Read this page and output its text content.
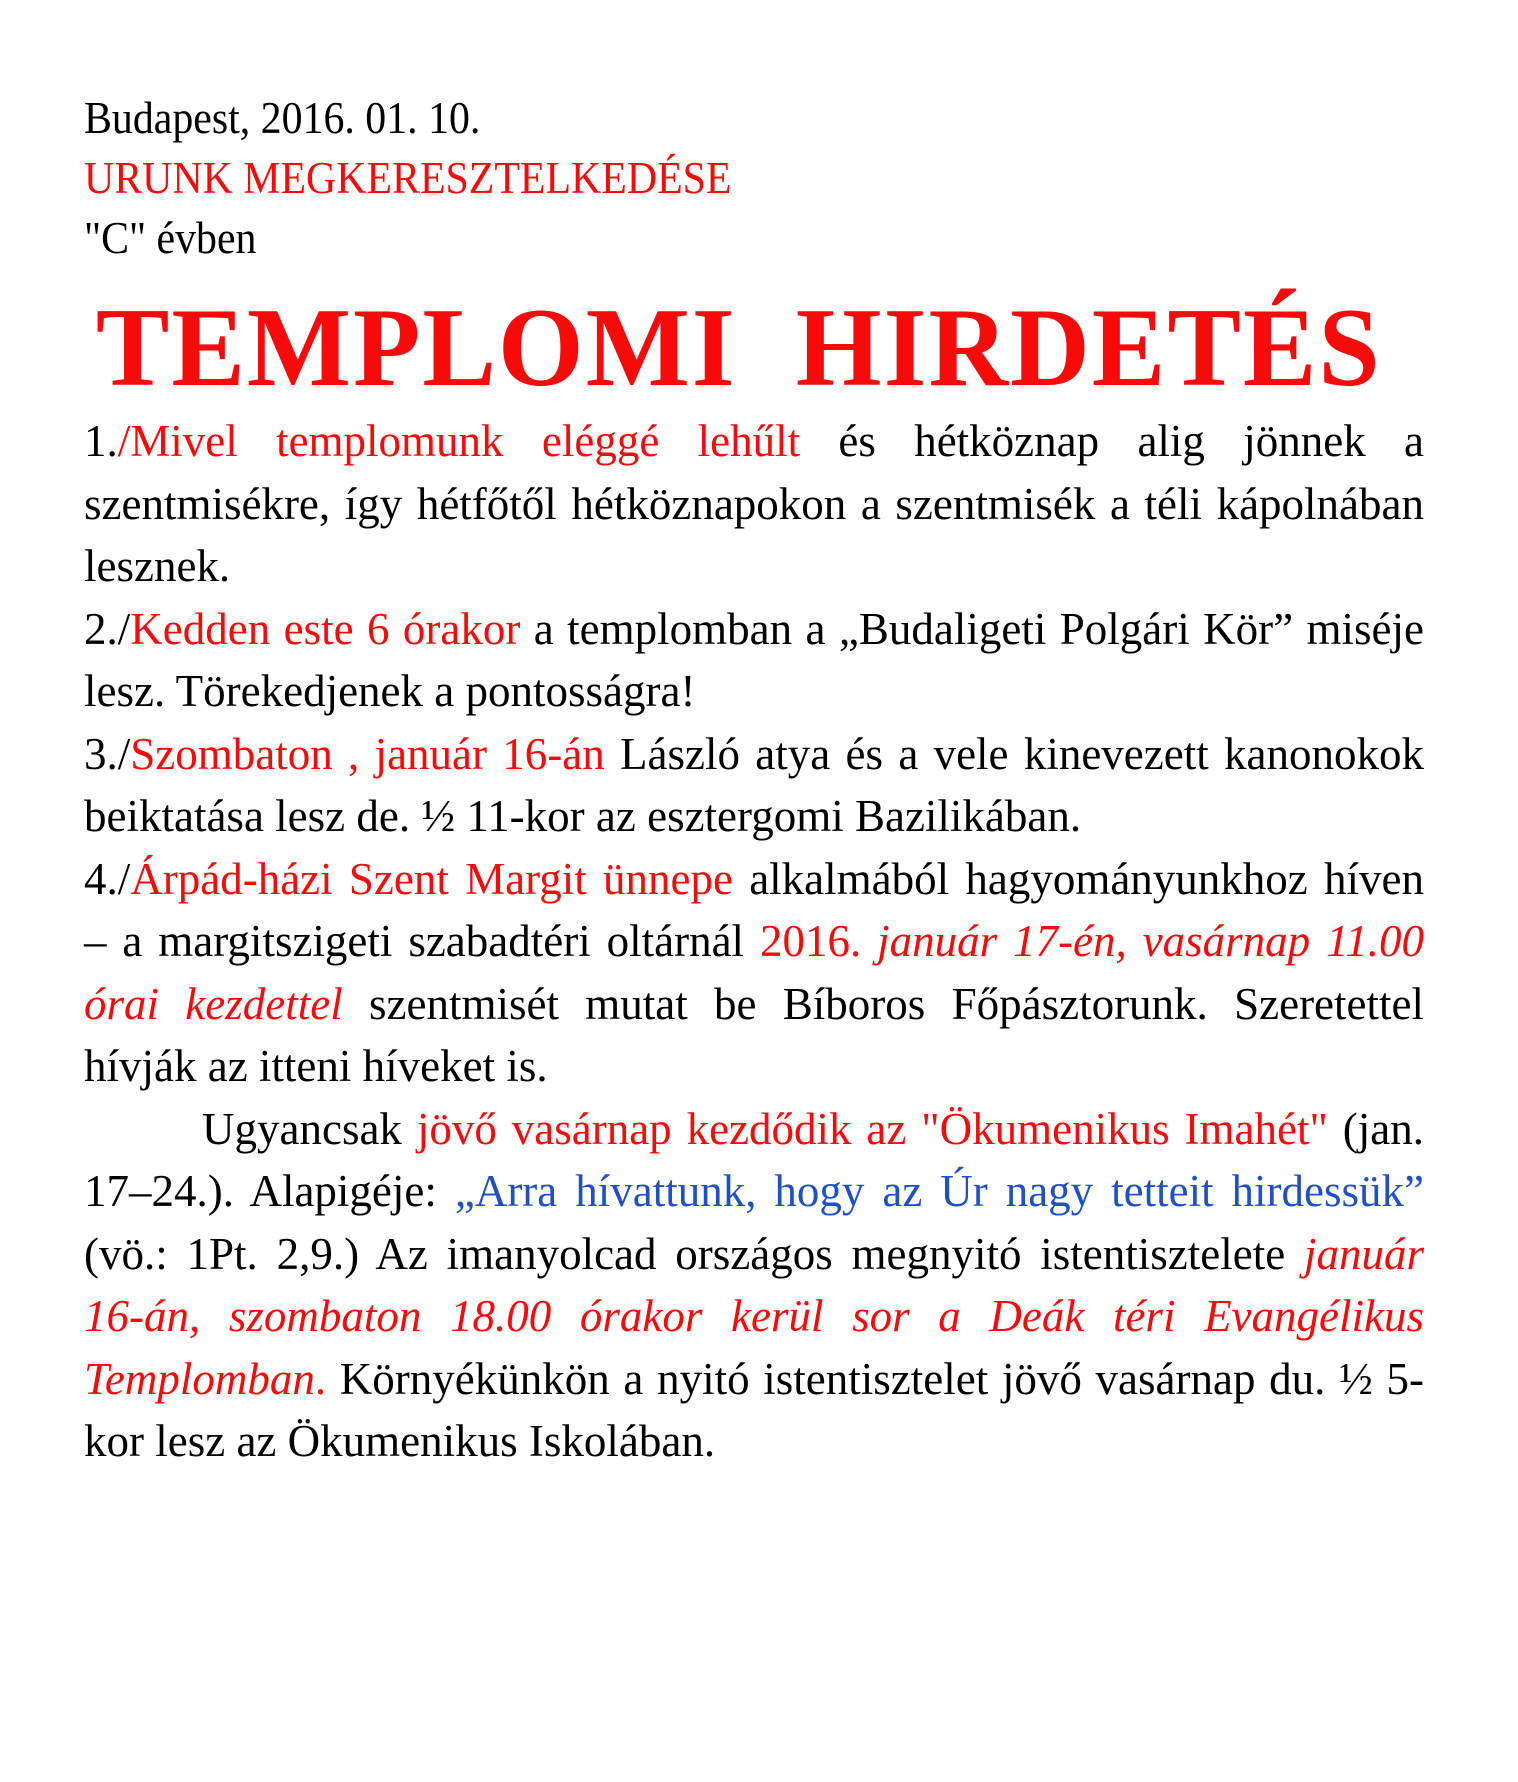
Budapest, 2016. 01. 10.
URUNK MEGKERESZTELKEDÉSE
"C" évben
TEMPLOMI HIRDETÉS

1./Mivel templomunk eléggé lehűlt és hétköznap alig jönnek a szentmisékre, így hétfőtől hétköznapokon a szentmisék a téli kápolnában lesznek.

2./Kedden este 6 órakor a templomban a „Budaligeti Polgári Kör” miséje lesz. Törekedjenek a pontosságra!

3./Szombaton , január 16-án László atya és a vele kinevezett kanonokok beiktatása lesz de. ½ 11-kor az esztergomi Bazilikában.

4./Árpád-házi Szent Margit ünnepe alkalmából hagyományunkhoz híven – a margitszigeti szabadtéri oltárnál 2016. január 17-én, vasárnap 11.00 órai kezdettel szentmisét mutat be Bíboros Főpásztorunk. Szeretettel hívják az itteni híveket is.

Ugyancsak jövő vasárnap kezdődik az "Ökumenikus Imahét" (jan. 17–24.). Alapigéje: „Arra hívattunk, hogy az Úr nagy tetteit hirdessük” (vö.: 1Pt. 2,9.) Az imanyolcad országos megnyitó istentisztelete január 16-án, szombaton 18.00 órakor kerül sor a Deák téri Evangélikus Templomban. Környékünkön a nyitó istentisztelet jövő vasárnap du. ½ 5-kor lesz az Ökumenikus Iskolában.
